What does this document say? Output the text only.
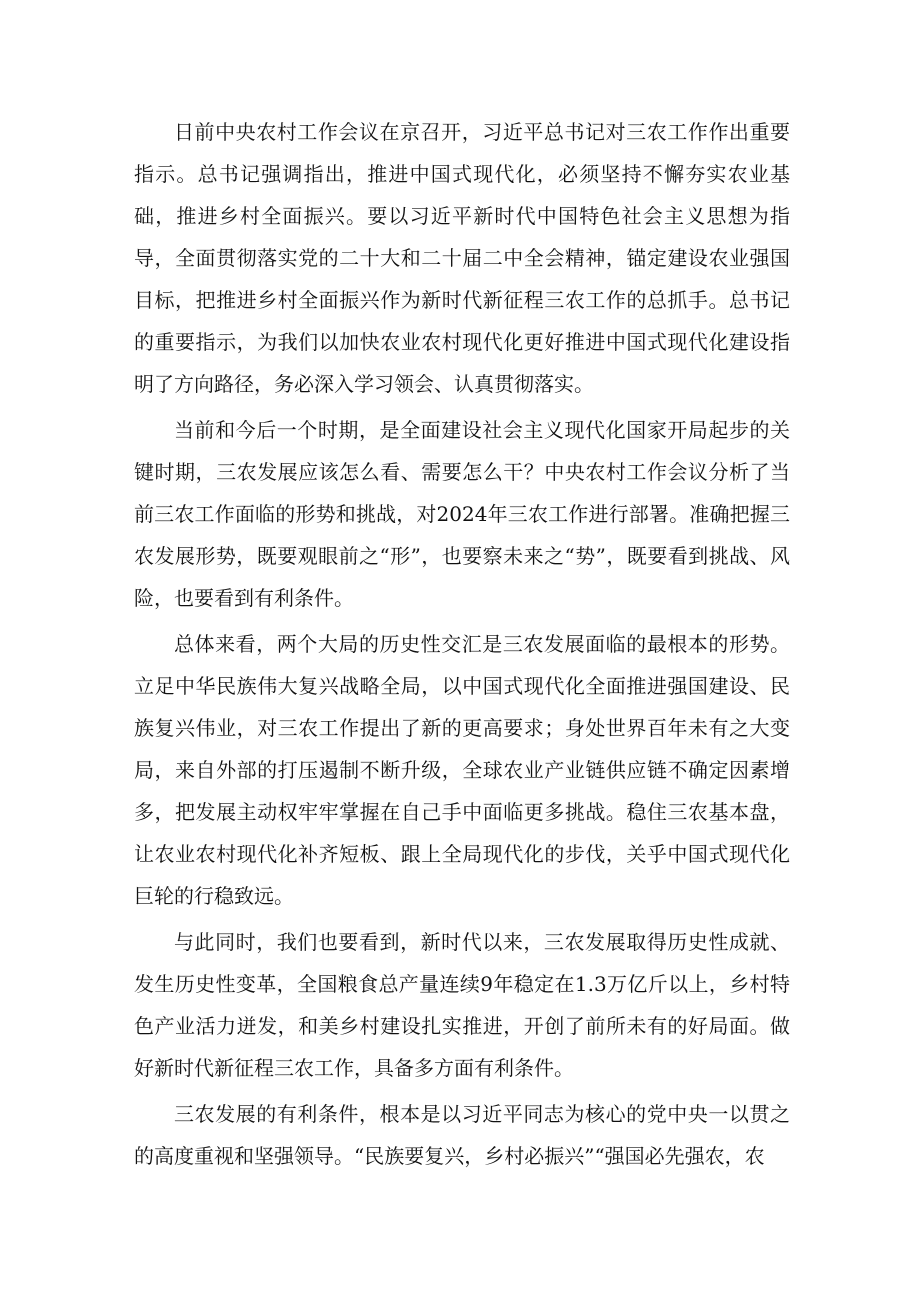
日前中央农村工作会议在京召开，习近平总书记对三农工作作出重要指示。总书记强调指出，推进中国式现代化，必须坚持不懈夯实农业基础，推进乡村全面振兴。要以习近平新时代中国特色社会主义思想为指导，全面贯彻落实党的二十大和二十届二中全会精神，锚定建设农业强国目标，把推进乡村全面振兴作为新时代新征程三农工作的总抓手。总书记的重要指示，为我们以加快农业农村现代化更好推进中国式现代化建设指明了方向路径，务必深入学习领会、认真贯彻落实。

当前和今后一个时期，是全面建设社会主义现代化国家开局起步的关键时期，三农发展应该怎么看、需要怎么干？中央农村工作会议分析了当前三农工作面临的形势和挑战，对2024年三农工作进行部署。准确把握三农发展形势，既要观眼前之“形”，也要察未来之“势”，既要看到挑战、风险，也要看到有利条件。

总体来看，两个大局的历史性交汇是三农发展面临的最根本的形势。立足中华民族伟大复兴战略全局，以中国式现代化全面推进强国建设、民族复兴伟业，对三农工作提出了新的更高要求；身处世界百年未有之大变局，来自外部的打压遏制不断升级，全球农业产业链供应链不确定因素增多，把发展主动权牢牢掌握在自己手中面临更多挑战。稳住三农基本盘，让农业农村现代化补齐短板、跟上全局现代化的步伐，关乎中国式现代化巨轮的行稳致远。

与此同时，我们也要看到，新时代以来，三农发展取得历史性成就、发生历史性变革，全国粮食总产量连续9年稳定在1.3万亿斤以上，乡村特色产业活力迸发，和美乡村建设扎实推进，开创了前所未有的好局面。做好新时代新征程三农工作，具备多方面有利条件。

三农发展的有利条件，根本是以习近平同志为核心的党中央一以贯之的高度重视和坚强领导。“民族要复兴，乡村必振兴”“强国必先强农，农
